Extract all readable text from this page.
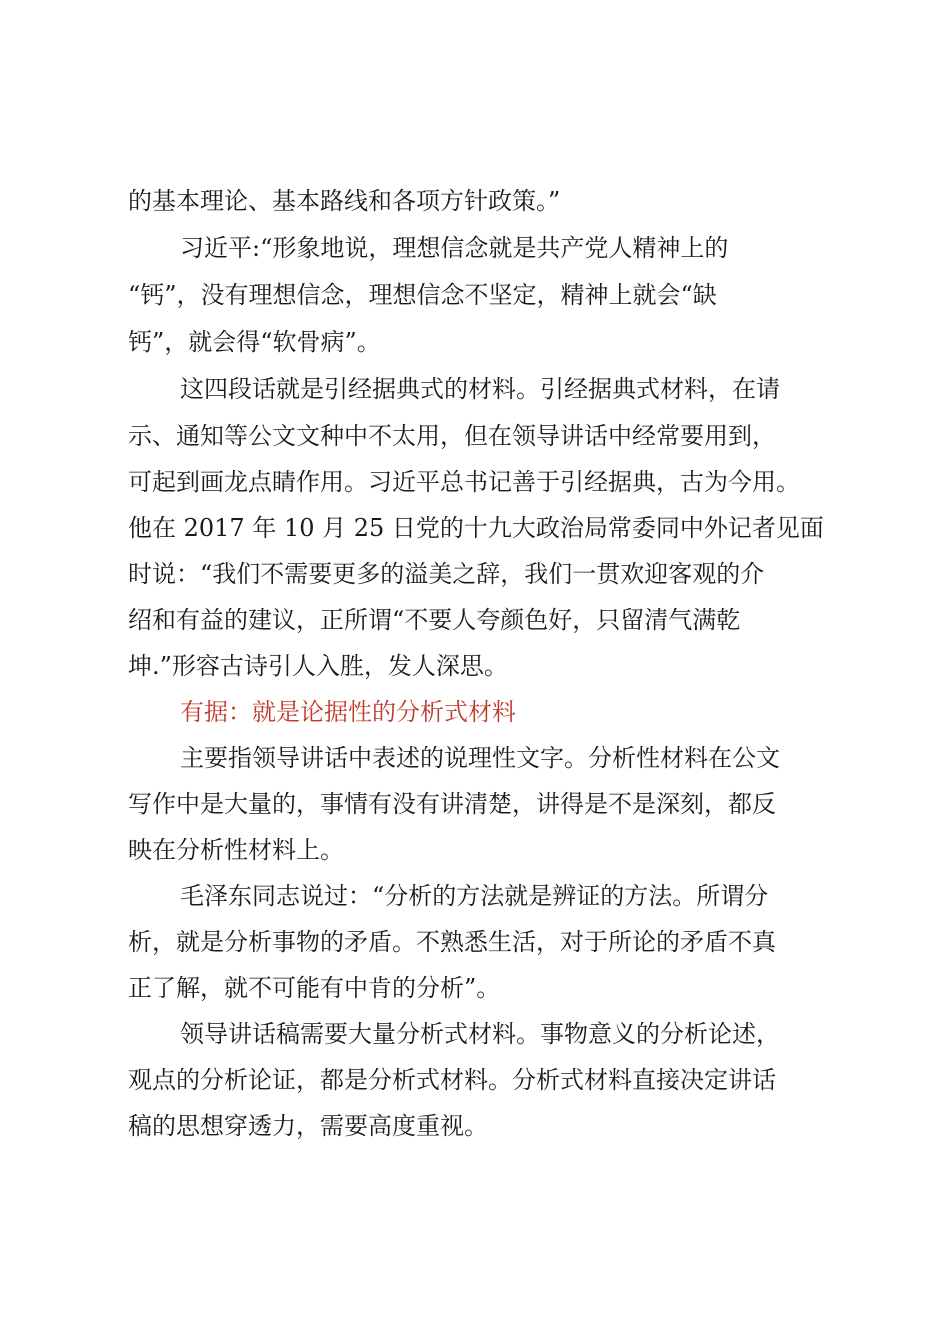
的基本理论、基本路线和各项方针政策。”

习近平:“形象地说，理想信念就是共产党人精神上的

“钙”，没有理想信念，理想信念不坚定，精神上就会“缺

钙”，就会得“软骨病”。

这四段话就是引经据典式的材料。引经据典式材料，在请

示、通知等公文文种中不太用，但在领导讲话中经常要用到，

可起到画龙点睛作用。习近平总书记善于引经据典，古为今用。

他在 2017 年 10 月 25 日党的十九大政治局常委同中外记者见面

时说：“我们不需要更多的溢美之辞，我们一贯欢迎客观的介

绍和有益的建议，正所谓“不要人夸颜色好，只留清气满乾

坤.”形容古诗引人入胜，发人深思。

有据：就是论据性的分析式材料

主要指领导讲话中表述的说理性文字。分析性材料在公文

写作中是大量的，事情有没有讲清楚，讲得是不是深刻，都反

映在分析性材料上。

毛泽东同志说过：“分析的方法就是辨证的方法。所谓分

析，就是分析事物的矛盾。不熟悉生活，对于所论的矛盾不真

正了解，就不可能有中肯的分析”。

领导讲话稿需要大量分析式材料。事物意义的分析论述，

观点的分析论证，都是分析式材料。分析式材料直接决定讲话

稿的思想穿透力，需要高度重视。
